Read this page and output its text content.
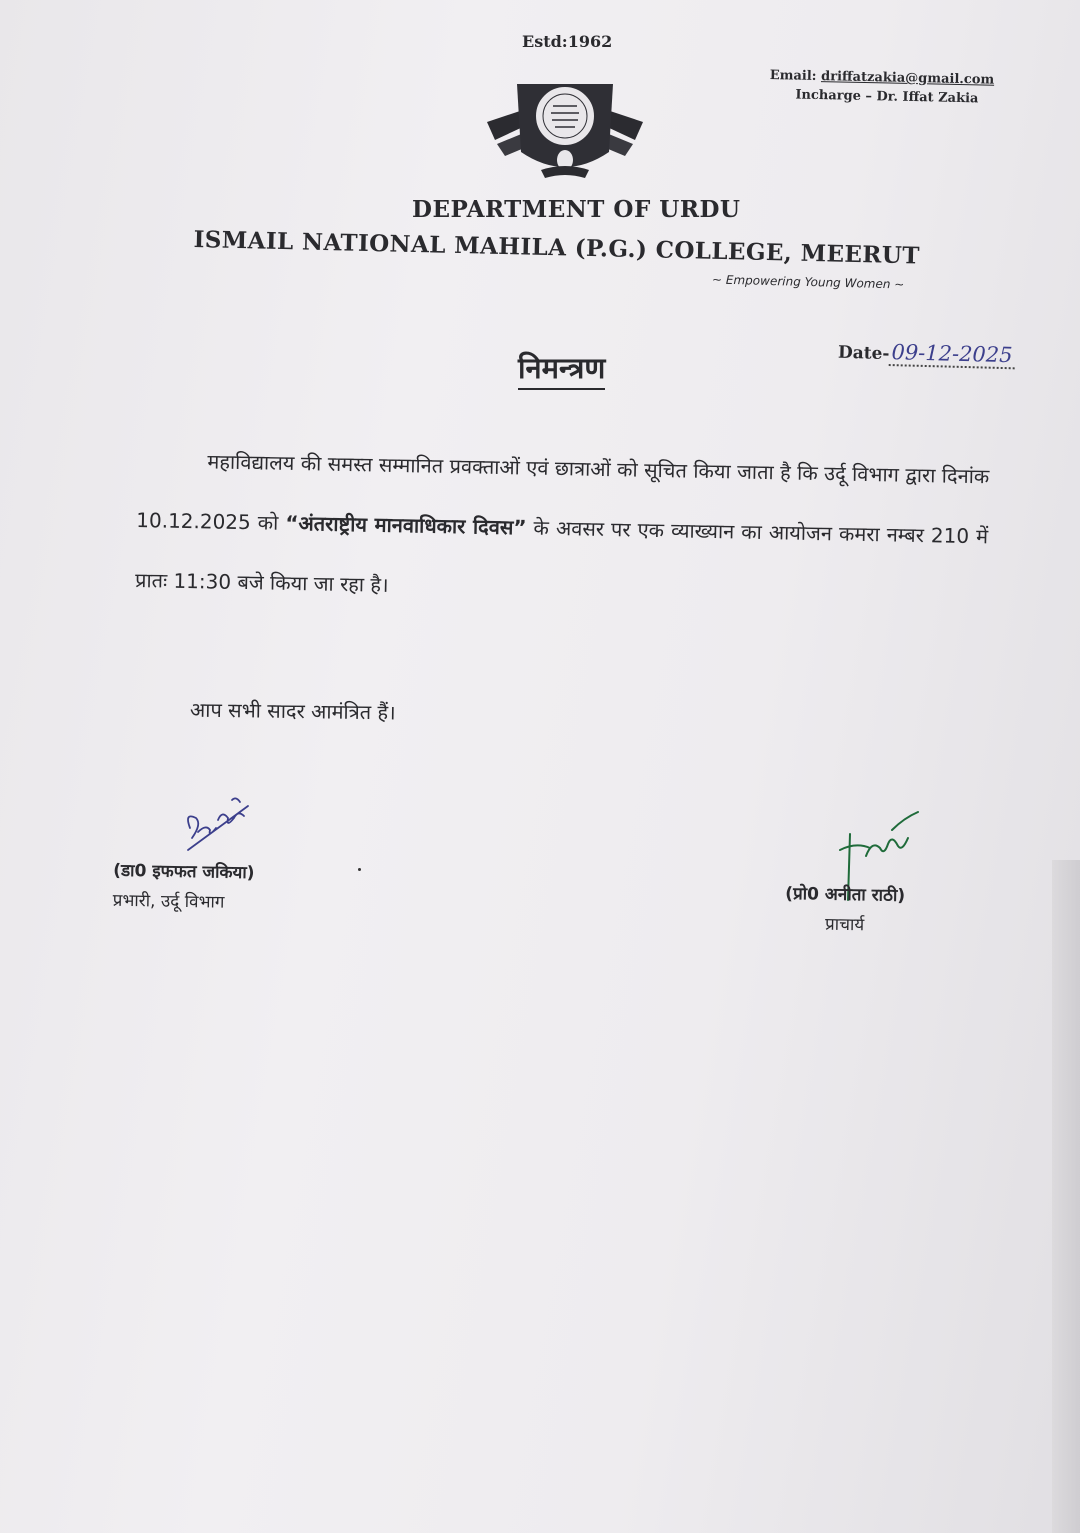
Estd:1962
Email: driffatzakia@gmail.com
Incharge – Dr. Iffat Zakia
DEPARTMENT OF URDU
ISMAIL NATIONAL MAHILA (P.G.) COLLEGE, MEERUT
~ Empowering Young Women ~
Date-09-12-2025
निमन्त्रण
महाविद्यालय की समस्त सम्मानित प्रवक्ताओं एवं छात्राओं को सूचित किया जाता है कि उर्दू विभाग द्वारा दिनांक 10.12.2025 को “अंतराष्ट्रीय मानवाधिकार दिवस” के अवसर पर एक व्याख्यान का आयोजन कमरा नम्बर 210 में प्रातः 11:30 बजे किया जा रहा है।
आप सभी सादर आमंत्रित हैं।
(डा0 इफफत जकिया)
प्रभारी, उर्दू विभाग	(प्रो0 अनीता राठी)
प्राचार्य
